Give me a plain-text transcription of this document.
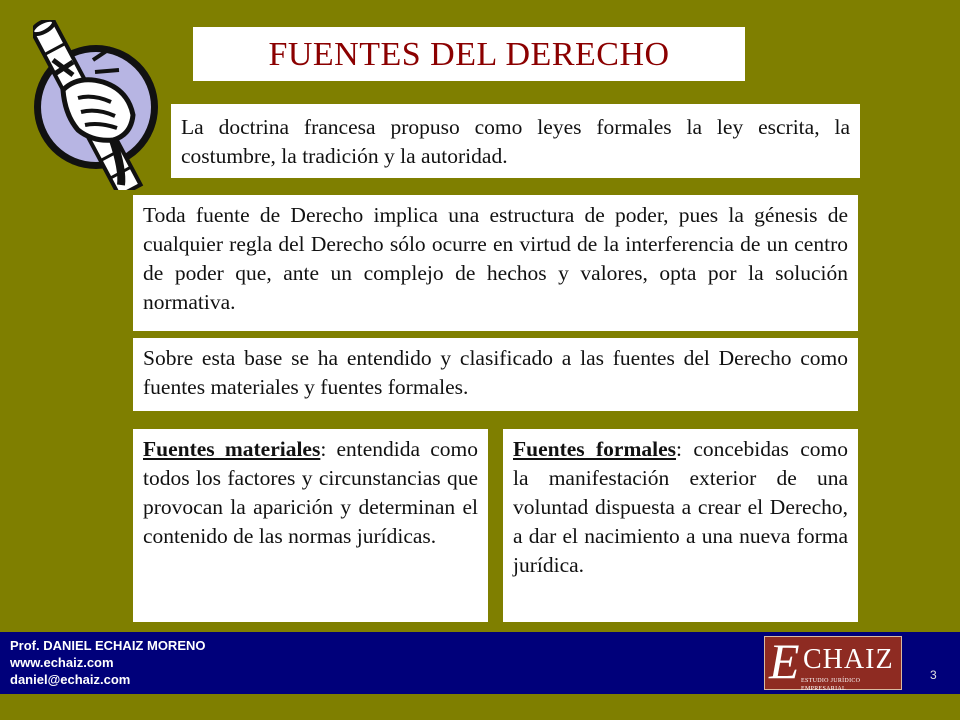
FUENTES DEL DERECHO
La doctrina francesa propuso como leyes formales la ley escrita, la costumbre, la tradición y la autoridad.
Toda fuente de Derecho implica una estructura de poder, pues la génesis de cualquier regla del Derecho sólo ocurre en virtud de la interferencia de un centro de poder que, ante un complejo de hechos y valores, opta por la solución normativa.
Sobre esta base se ha entendido y clasificado a las fuentes del Derecho como fuentes materiales y fuentes formales.
Fuentes materiales: entendida como todos los factores y circunstancias que provocan la aparición y determinan el contenido de las normas jurídicas.
Fuentes formales: concebidas como la manifestación exterior de una voluntad dispuesta a crear el Derecho, a dar el nacimiento a una nueva forma jurídica.
Prof. DANIEL ECHAIZ MORENO
www.echaiz.com
daniel@echaiz.com	E CHAIZ
ESTUDIO JURÍDICO EMPRESARIAL
3
